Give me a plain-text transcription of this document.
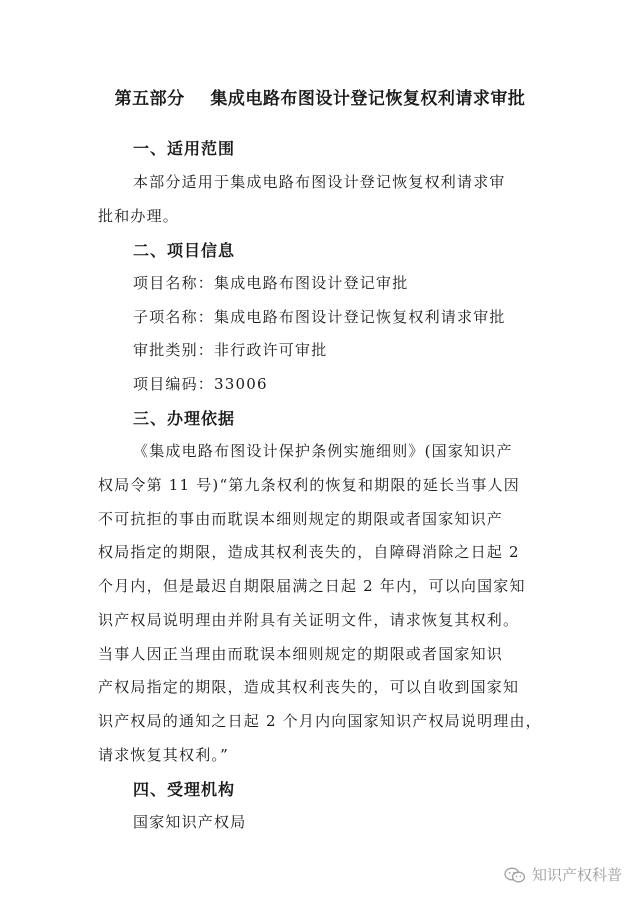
第五部分    集成电路布图设计登记恢复权利请求审批
一、适用范围
本部分适用于集成电路布图设计登记恢复权利请求审
批和办理。
二、项目信息
项目名称：集成电路布图设计登记审批
子项名称：集成电路布图设计登记恢复权利请求审批
审批类别：非行政许可审批
项目编码：33006
三、办理依据
《集成电路布图设计保护条例实施细则》(国家知识产
权局令第 11 号)“第九条权利的恢复和期限的延长当事人因
不可抗拒的事由而耽误本细则规定的期限或者国家知识产
权局指定的期限，造成其权利丧失的，自障碍消除之日起 2
个月内，但是最迟自期限届满之日起 2 年内，可以向国家知
识产权局说明理由并附具有关证明文件，请求恢复其权利。
当事人因正当理由而耽误本细则规定的期限或者国家知识
产权局指定的期限，造成其权利丧失的，可以自收到国家知
识产权局的通知之日起 2 个月内向国家知识产权局说明理由，
请求恢复其权利。”
四、受理机构
国家知识产权局
知识产权科普
